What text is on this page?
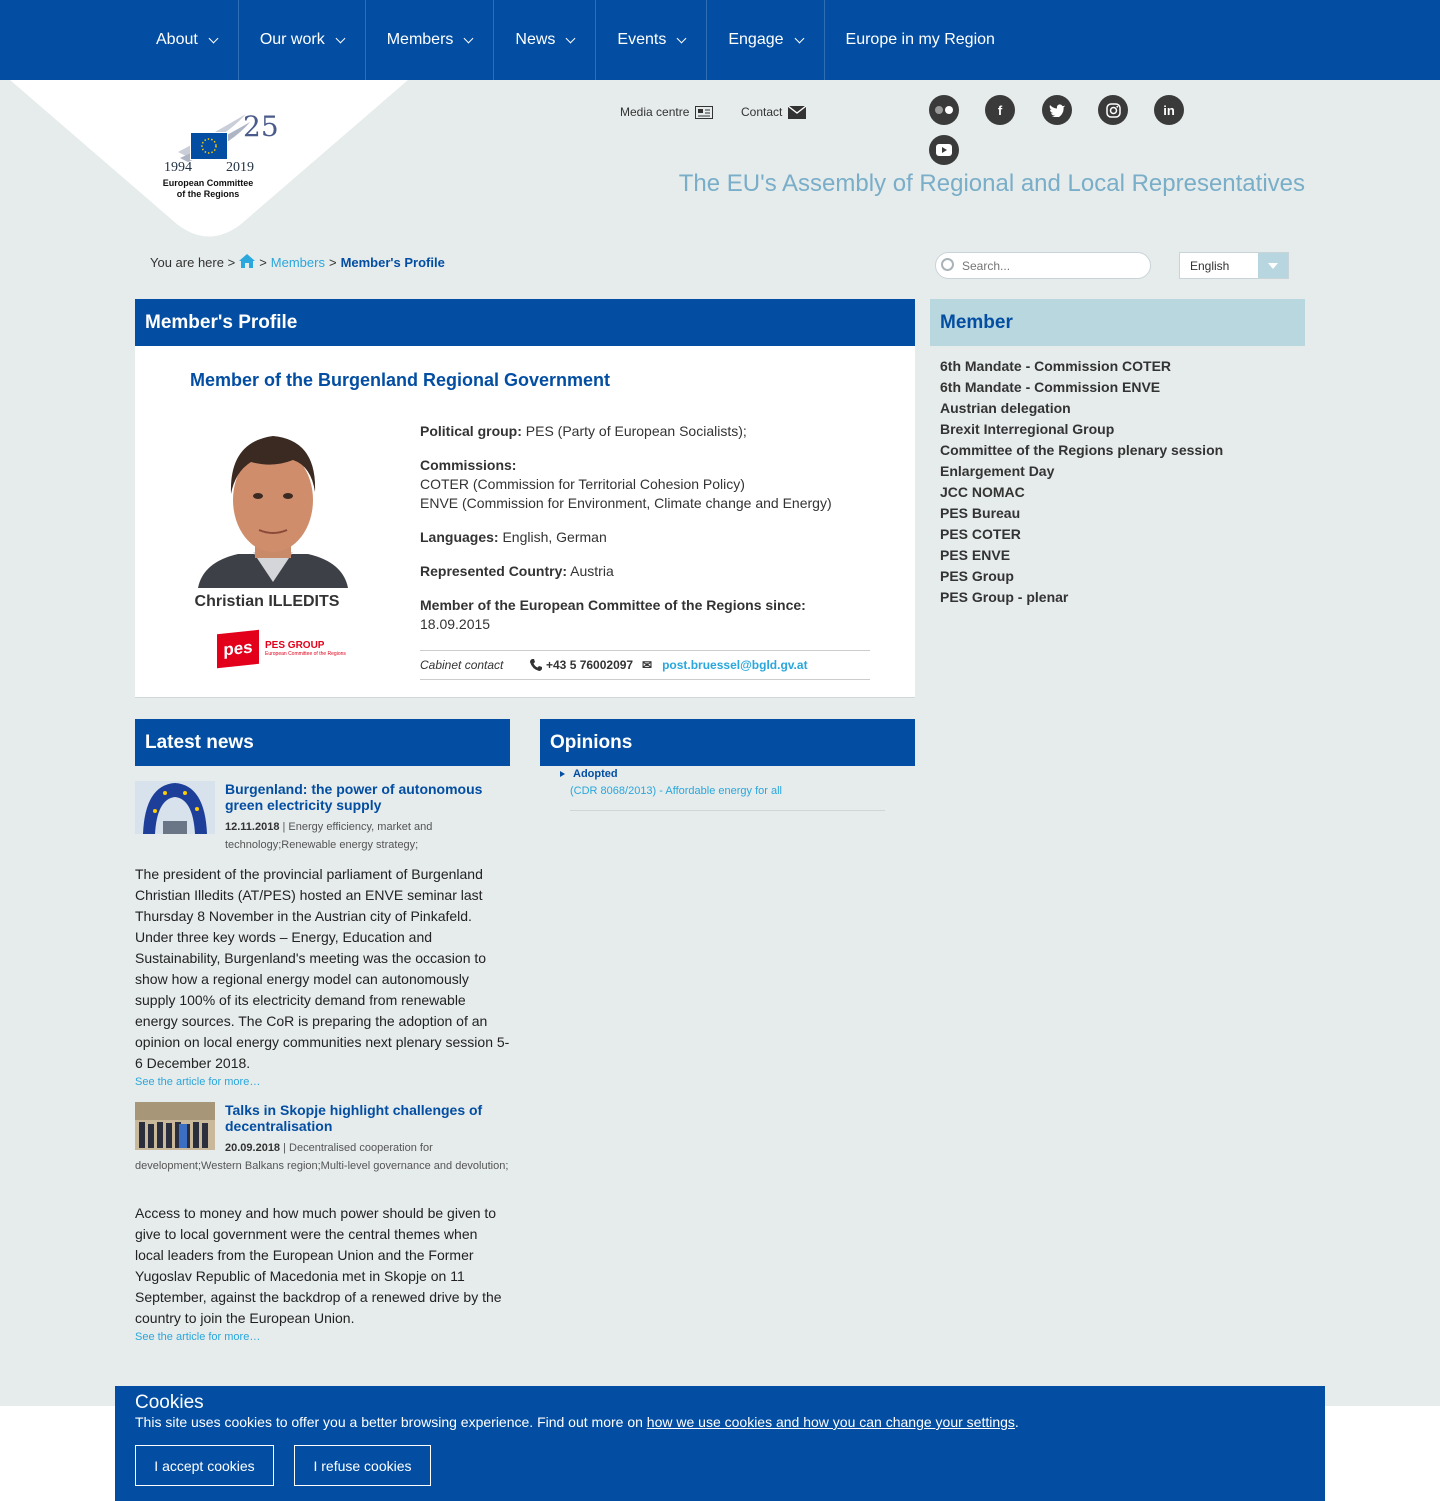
About	Our work	Members	News	Events	Engage	Europe in my Region
25
1994 2019
European Committee
of the Regions
Media centre	Contact	f	in
The EU's Assembly of Regional and Local Representatives
You are here > > Members > Member's Profile
Search...	English
Member's Profile
Member of the Burgenland Regional Government
Christian ILLEDITS
pes	PES GROUP
European Committee of the Regions
Political group: PES (Party of European Socialists);
Commissions:
COTER (Commission for Territorial Cohesion Policy)
ENVE (Commission for Environment, Climate change and Energy)
Languages: English, German
Represented Country: Austria
Member of the European Committee of the Regions since:
18.09.2015
Cabinet contact	+43 5 76002097 ✉ post.bruessel@bgld.gv.at
Member
6th Mandate - Commission COTER
6th Mandate - Commission ENVE
Austrian delegation
Brexit Interregional Group
Committee of the Regions plenary session
Enlargement Day
JCC NOMAC
PES Bureau
PES COTER
PES ENVE
PES Group
PES Group - plenar
Latest news
Burgenland: the power of autonomous green electricity supply
12.11.2018 | Energy efficiency, market and technology;Renewable energy strategy;
The president of the provincial parliament of Burgenland Christian Illedits (AT/PES) hosted an ENVE seminar last Thursday 8 November in the Austrian city of Pinkafeld. Under three key words – Energy, Education and Sustainability, Burgenland's meeting was the occasion to show how a regional energy model can autonomously supply 100% of its electricity demand from renewable energy sources. The CoR is preparing the adoption of an opinion on local energy communities next plenary session 5-6 December 2018.
See the article for more…
Talks in Skopje highlight challenges of decentralisation
20.09.2018 | Decentralised cooperation for development;Western Balkans region;Multi-level governance and devolution;
Access to money and how much power should be given to give to local government were the central themes when local leaders from the European Union and the Former Yugoslav Republic of Macedonia met in Skopje on 11 September, against the backdrop of a renewed drive by the country to join the European Union.
See the article for more…
Opinions
Adopted
(CDR 8068/2013) - Affordable energy for all
Cookies

This site uses cookies to offer you a better browsing experience. Find out more on how we use cookies and how you can change your settings.

I accept cookies	I refuse cookies
